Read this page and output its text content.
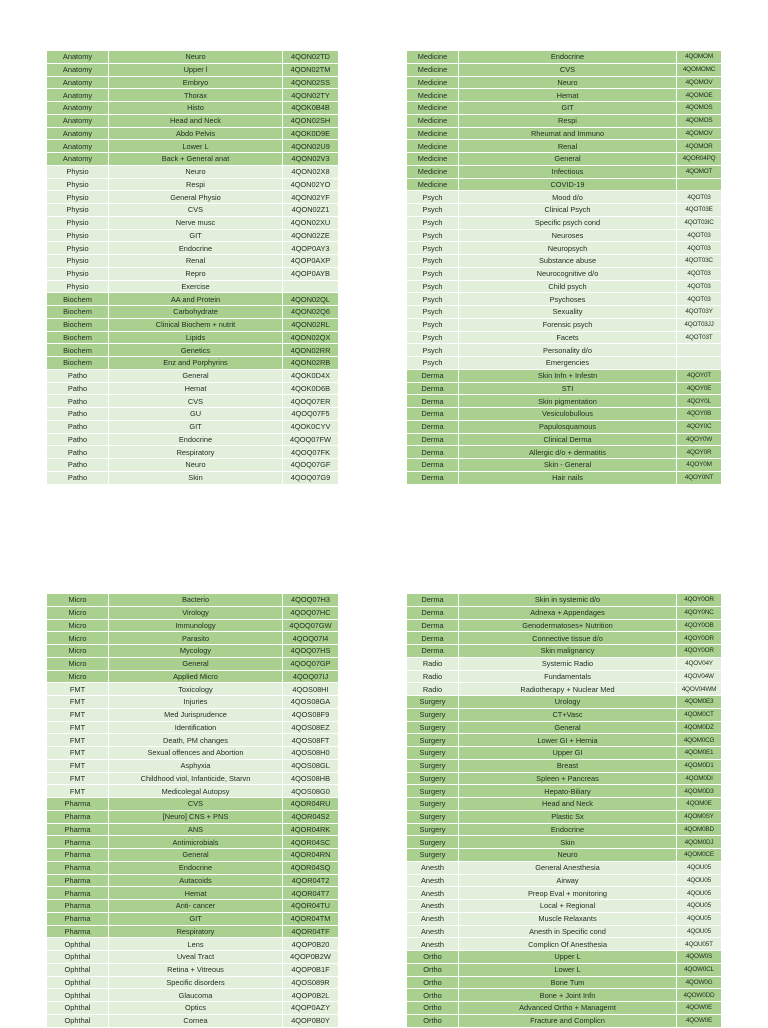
Anatomy	Neuro	4QON02TD
Anatomy	Upper l	4QON02TM
Anatomy	Embryo	4QON02SS
Anatomy	Thorax	4QON02TY
Anatomy	Histo	4QOK0B4B
Anatomy	Head and Neck	4QON02SH
Anatomy	Abdo Pelvis	4QOK0D9E
Anatomy	Lower L	4QON02U9
Anatomy	Back + General anat	4QON02V3
Physio	Neuro	4QON02X8
Physio	Respi	4QON02YO
Physio	General Physio	4QON02YF
Physio	CVS	4QON02Z1
Physio	Nerve musc	4QON02XU
Physio	GIT	4QON02ZE
Physio	Endocrine	4QOP0AY3
Physio	Renal	4QOP0AXP
Physio	Repro	4QOP0AYB
Physio	Exercise	
Biochem	AA and Protein	4QON02QL
Biochem	Carbohydrate	4QON02Q6
Biochem	Clinical Biochem + nutrit	4QON02RL
Biochem	Lipids	4QON02QX
Biochem	Genetics	4QON02RR
Biochem	Enz and Porphyrins	4QON02RB
Patho	General	4QOK0D4X
Patho	Hemat	4QOK0D6B
Patho	CVS	4QOQ07ER
Patho	GU	4QOQ07F5
Patho	GIT	4QOK0CYV
Patho	Endocrine	4QOQ07FW
Patho	Respiratory	4QOQ07FK
Patho	Neuro	4QOQ07GF
Patho	Skin	4QOQ07G9
Medicine	Endocrine	4QOMOM
Medicine	CVS	4QOMOMC
Medicine	Neuro	4QOMOV
Medicine	Hemat	4QOMOE
Medicine	GIT	4QOMOS
Medicine	Respi	4QOMOS
Medicine	Rheumat and Immuno	4QOMOV
Medicine	Renal	4QOMOR
Medicine	General	4QOR04PQ
Medicine	Infectious	4QOMOT
Medicine	COVID-19	
Psych	Mood d/o	4QOT03
Psych	Clinical Psych	4QOT03E
Psych	Specific psych cond	4QOT03IC
Psych	Neuroses	4QOT03
Psych	Neuropsych	4QOT03
Psych	Substance abuse	4QOT03C
Psych	Neurocognitive d/o	4QOT03
Psych	Child psych	4QOT03
Psych	Psychoses	4QOT03
Psych	Sexuality	4QOT03Y
Psych	Forensic psych	4QOT03JJ
Psych	Facets	4QOT03T
Psych	Personality d/o	
Psych	Emergencies	
Derma	Skin Infn + Infestn	4QOY0T
Derma	STI	4QOY0E
Derma	Skin pigmentation	4QOY0L
Derma	Vesiculobullous	4QOY0B
Derma	Papulosquamous	4QOY0C
Derma	Clinical Derma	4QOY0W
Derma	Allergic d/o + dermatitis	4QOY0R
Derma	Skin - General	4QOY0M
Derma	Hair nails	4QOY0NT
Micro	Bacterio	4QOQ07H3
Micro	Virology	4QOQ07HC
Micro	Immunology	4QOQ07GW
Micro	Parasito	4QOQ07I4
Micro	Mycology	4QOQ07HS
Micro	General	4QOQ07GP
Micro	Applied Micro	4QOQ07IJ
FMT	Toxicology	4QOS08HI
FMT	Injuries	4QOS08GA
FMT	Med Jurisprudence	4QOS08F9
FMT	Identification	4QOS08EZ
FMT	Death, PM changes	4QOS08FT
FMT	Sexual offences and Abortion	4QOS08H0
FMT	Asphyxia	4QOS08GL
FMT	Childhood viol, Infanticide, Starvn	4QOS08HB
FMT	Medicolegal Autopsy	4QOS08G0
Pharma	CVS	4QOR04RU
Pharma	[Neuro] CNS + PNS	4QOR04S2
Pharma	ANS	4QOR04RK
Pharma	Antimicrobials	4QOR04SC
Pharma	General	4QOR04RN
Pharma	Endocrine	4QOR04SQ
Pharma	Autacoids	4QOR04T2
Pharma	Hemat	4QOR04T7
Pharma	Anti- cancer	4QOR04TU
Pharma	GIT	4QOR04TM
Pharma	Respiratory	4QOR04TF
Ophthal	Lens	4QOP0B20
Ophthal	Uveal Tract	4QOP0B2W
Ophthal	Retina + Vitreous	4QOP0B1F
Ophthal	Specific disorders	4QOS089R
Ophthal	Glaucoma	4QOP0B2L
Ophthal	Optics	4QOP0AZY
Ophthal	Cornea	4QOP0B0Y
Derma	Skin in systemic d/o	4QOY0OR
Derma	Adnexa + Appendages	4QOY0NC
Derma	Genodermatoses+ Nutrition	4QOY0OB
Derma	Connective tissue d/o	4QOY0OR
Derma	Skin malignancy	4QOY0OR
Radio	Systemic Radio	4QOV04Y
Radio	Fundamentals	4QOV04W
Radio	Radiotherapy + Nuclear Med	4QOV04WM
Surgery	Urology	4QOM0E3
Surgery	CT+Vasc	4QOM0CT
Surgery	General	4QOM0DZ
Surgery	Lower GI + Hernia	4QOM0CG
Surgery	Upper GI	4QOM0E1
Surgery	Breast	4QOM0D1
Surgery	Spleen + Pancreas	4QOM0DI
Surgery	Hepato-Biliary	4QOM0D3
Surgery	Head and Neck	4QOM0E
Surgery	Plastic Sx	4QOM0SY
Surgery	Endocrine	4QOM0BD
Surgery	Skin	4QOM0DJ
Surgery	Neuro	4QOM0CE
Anesth	General Anesthesia	4QOU05
Anesth	Airway	4QOU05
Anesth	Preop Eval + monitoring	4QOU05
Anesth	Local + Regional	4QOU05
Anesth	Muscle Relaxants	4QOU05
Anesth	Anesth in Specific cond	4QOU05
Anesth	Complicn Of Anesthesia	4QOU05T
Ortho	Upper L	4QOW0S
Ortho	Lower L	4QOW0CL
Ortho	Bone Tum	4QOW0G
Ortho	Bone + Joint Infn	4QOW0DD
Ortho	Advanced Ortho + Managemt	4QOW0E
Ortho	Fracture and Complicn	4QOW0E
